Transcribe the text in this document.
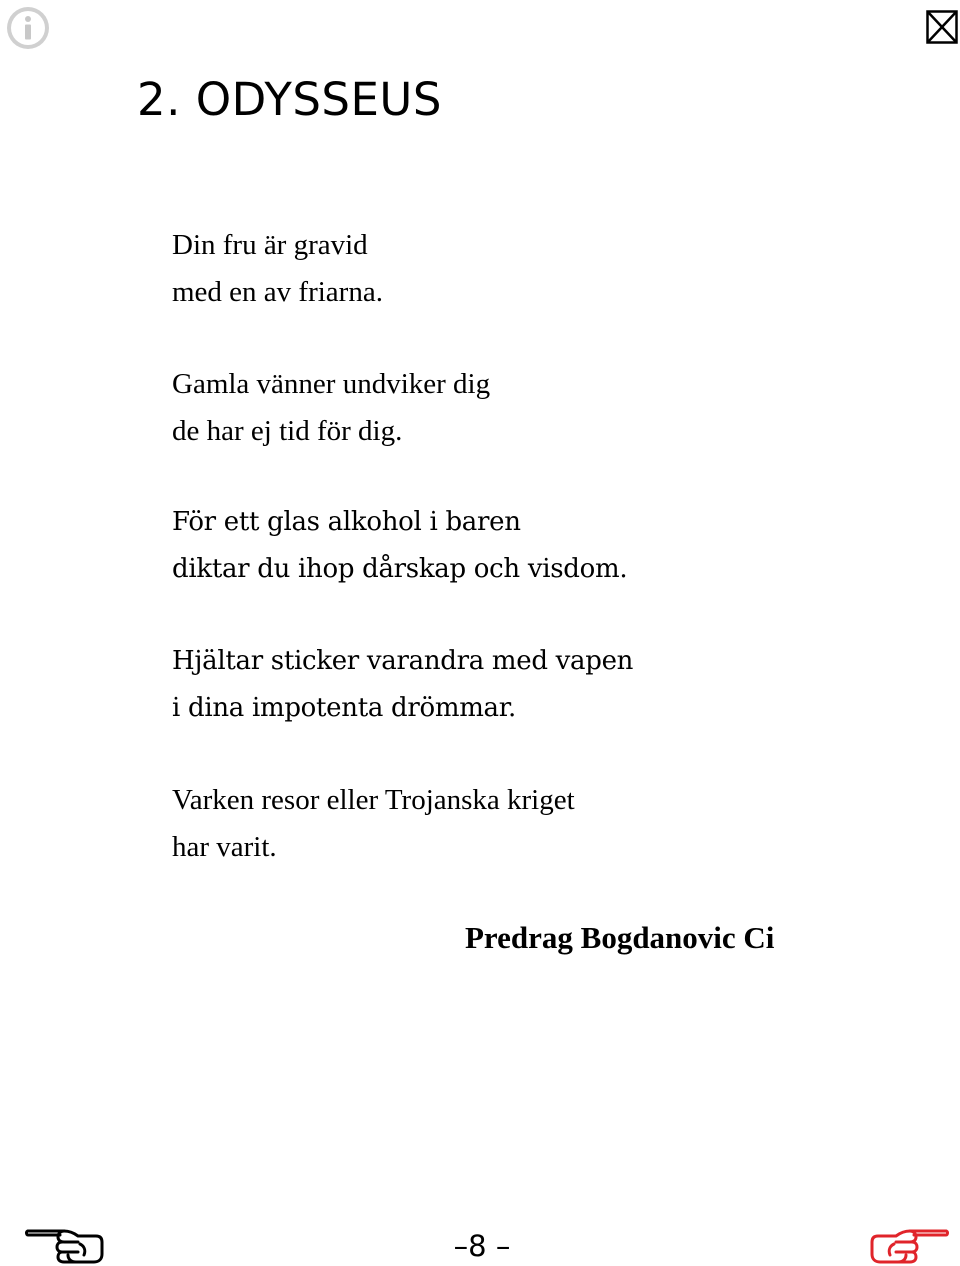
2. ODYSSEUS
Din fru är gravid
med en av friarna.
Gamla vänner undviker dig
de har ej tid för dig.
För ett glas alkohol i baren
diktar du ihop dårskap och visdom.
Hjältar sticker varandra med vapen
i dina impotenta drömmar.
Varken resor eller Trojanska kriget
har varit.
Predrag Bogdanovic Ci
–8 –
